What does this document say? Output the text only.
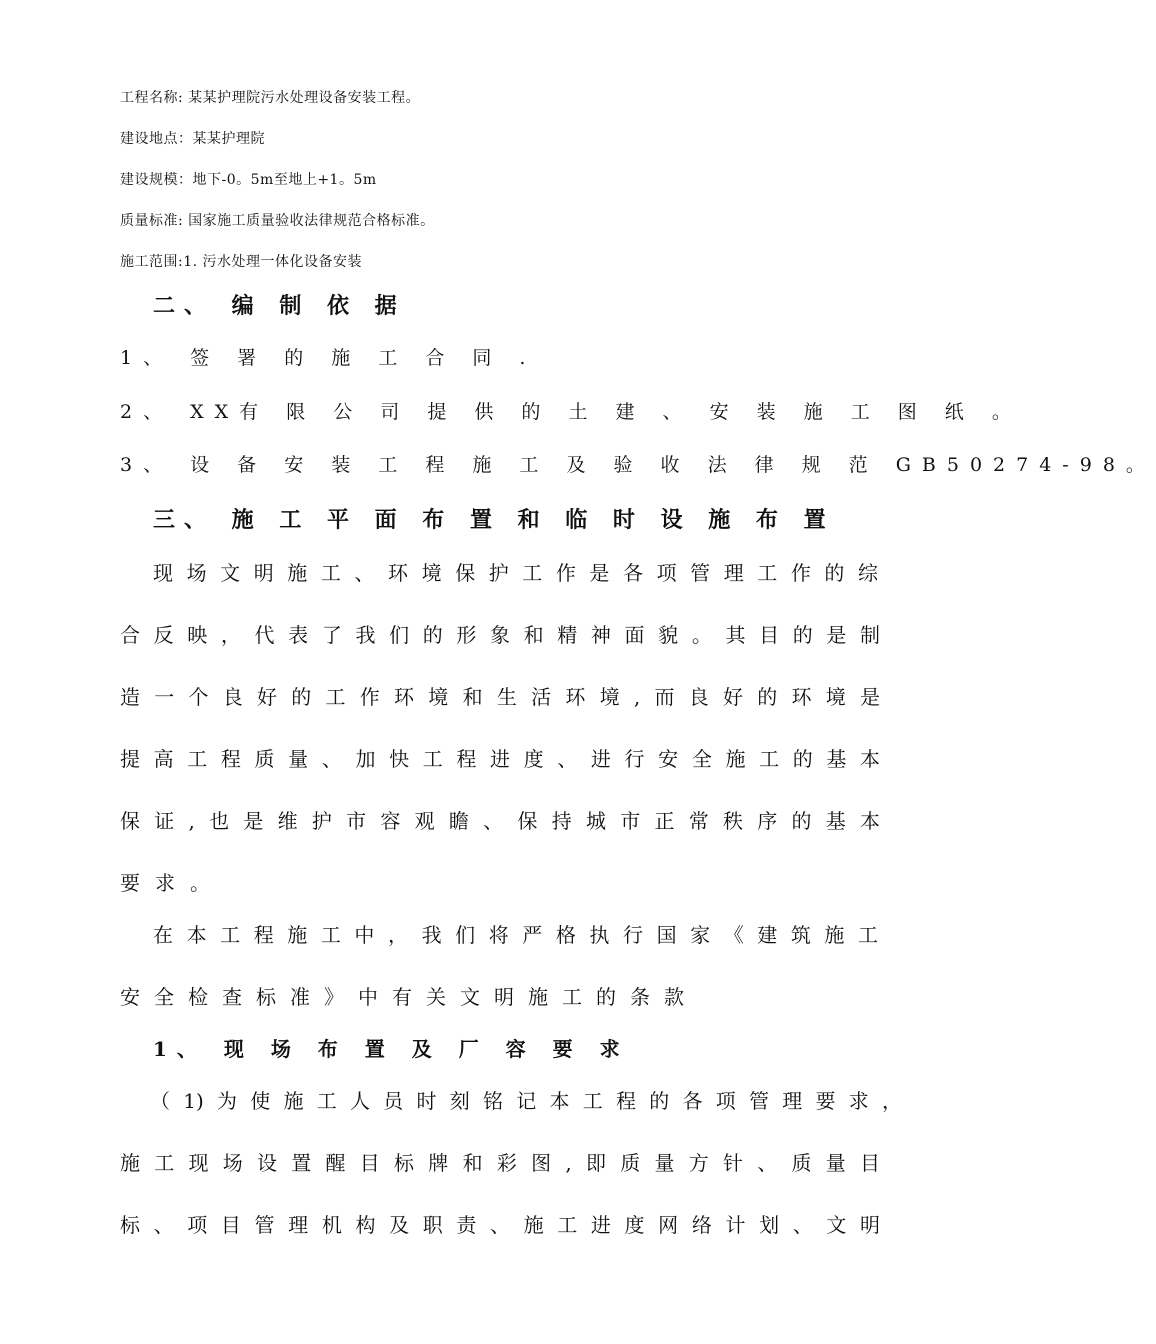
工程名称: 某某护理院污水处理设备安装工程。
建设地点：某某护理院
建设规模：地下-0。5m至地上+1。5m
质量标准: 国家施工质量验收法律规范合格标准。
施工范围:1. 污水处理一体化设备安装
二、 编 制 依 据
1、 签 署 的 施 工 合 同 .
2、 XX有 限 公 司 提 供 的 土 建 、 安 装 施 工 图 纸 。
3、 设 备 安 装 工 程 施 工 及 验 收 法 律 规 范 GB50274-98。
三、 施 工 平 面 布 置 和 临 时 设 施 布 置
现场文明施工、环境保护工作是各项管理工作的综
合反映，代表了我们的形象和精神面貌。其目的是制
造一个良好的工作环境和生活环境,而良好的环境是
提高工程质量、加快工程进度、进行安全施工的基本
保证,也是维护市容观瞻、保持城市正常秩序的基本
要求。
在本工程施工中，我们将严格执行国家《建筑施工
安全检查标准》中有关文明施工的条款
1、 现 场 布 置 及 厂 容 要 求
（1)为使施工人员时刻铭记本工程的各项管理要求，
施工现场设置醒目标牌和彩图,即质量方针、质量目
标、项目管理机构及职责、施工进度网络计划、文明
